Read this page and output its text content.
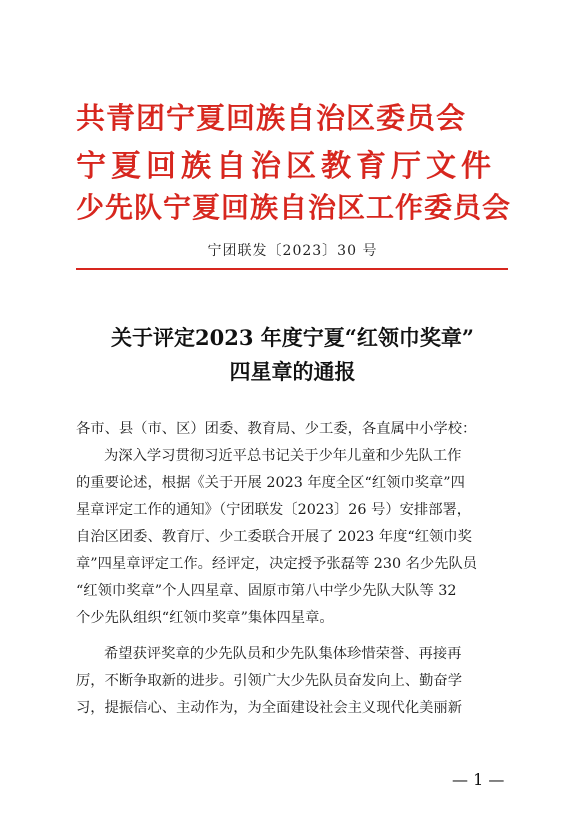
共青团宁夏回族自治区委员会
宁夏回族自治区教育厅文件
少先队宁夏回族自治区工作委员会
宁团联发〔2023〕30 号
关于评定2023 年度宁夏“红领巾奖章”
四星章的通报
各市、县（市、区）团委、教育局、少工委，各直属中小学校：
为深入学习贯彻习近平总书记关于少年儿童和少先队工作
的重要论述，根据《关于开展 2023 年度全区“红领巾奖章”四
星章评定工作的通知》（宁团联发〔2023〕26 号）安排部署，
自治区团委、教育厅、少工委联合开展了 2023 年度“红领巾奖
章”四星章评定工作。经评定，决定授予张磊等 230 名少先队员
“红领巾奖章”个人四星章、固原市第八中学少先队大队等 32
个少先队组织“红领巾奖章”集体四星章。
希望获评奖章的少先队员和少先队集体珍惜荣誉、再接再
厉，不断争取新的进步。引领广大少先队员奋发向上、勤奋学
习，提振信心、主动作为，为全面建设社会主义现代化美丽新
— 1 —
